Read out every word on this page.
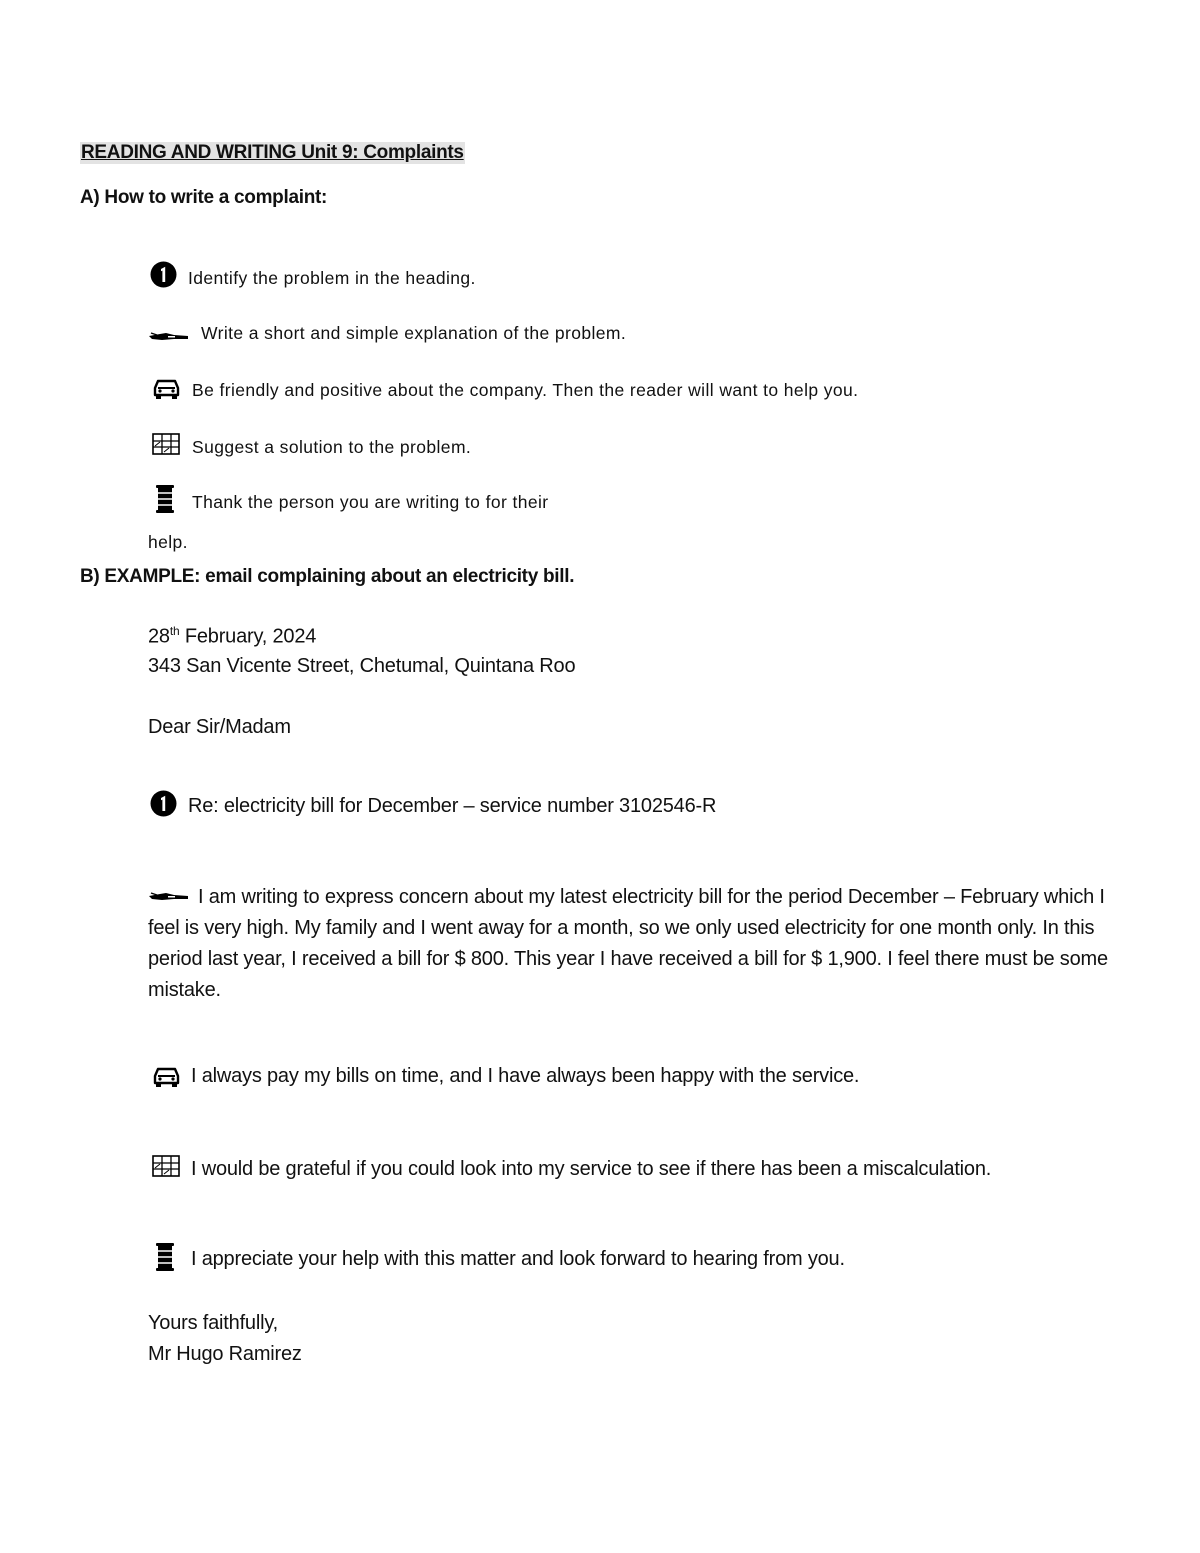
READING AND WRITING Unit 9: Complaints
A) How to write a complaint:
Identify the problem in the heading.
Write a short and simple explanation of the problem.
Be friendly and positive about the company. Then the reader will want to help you.
Suggest a solution to the problem.
Thank the person you are writing to for their
help.
B) EXAMPLE: email complaining about an electricity bill.
28th February, 2024
343 San Vicente Street, Chetumal, Quintana Roo
Dear Sir/Madam
Re: electricity bill for December – service number 3102546-R
I am writing to express concern about my latest electricity bill for the period December – February which I feel is very high. My family and I went away for a month, so we only used electricity for one month only. In this period last year, I received a bill for $ 800. This year I have received a bill for $ 1,900. I feel there must be some mistake.
I always pay my bills on time, and I have always been happy with the service.
I would be grateful if you could look into my service to see if there has been a miscalculation.
I appreciate your help with this matter and look forward to hearing from you.
Yours faithfully,
Mr Hugo Ramirez
